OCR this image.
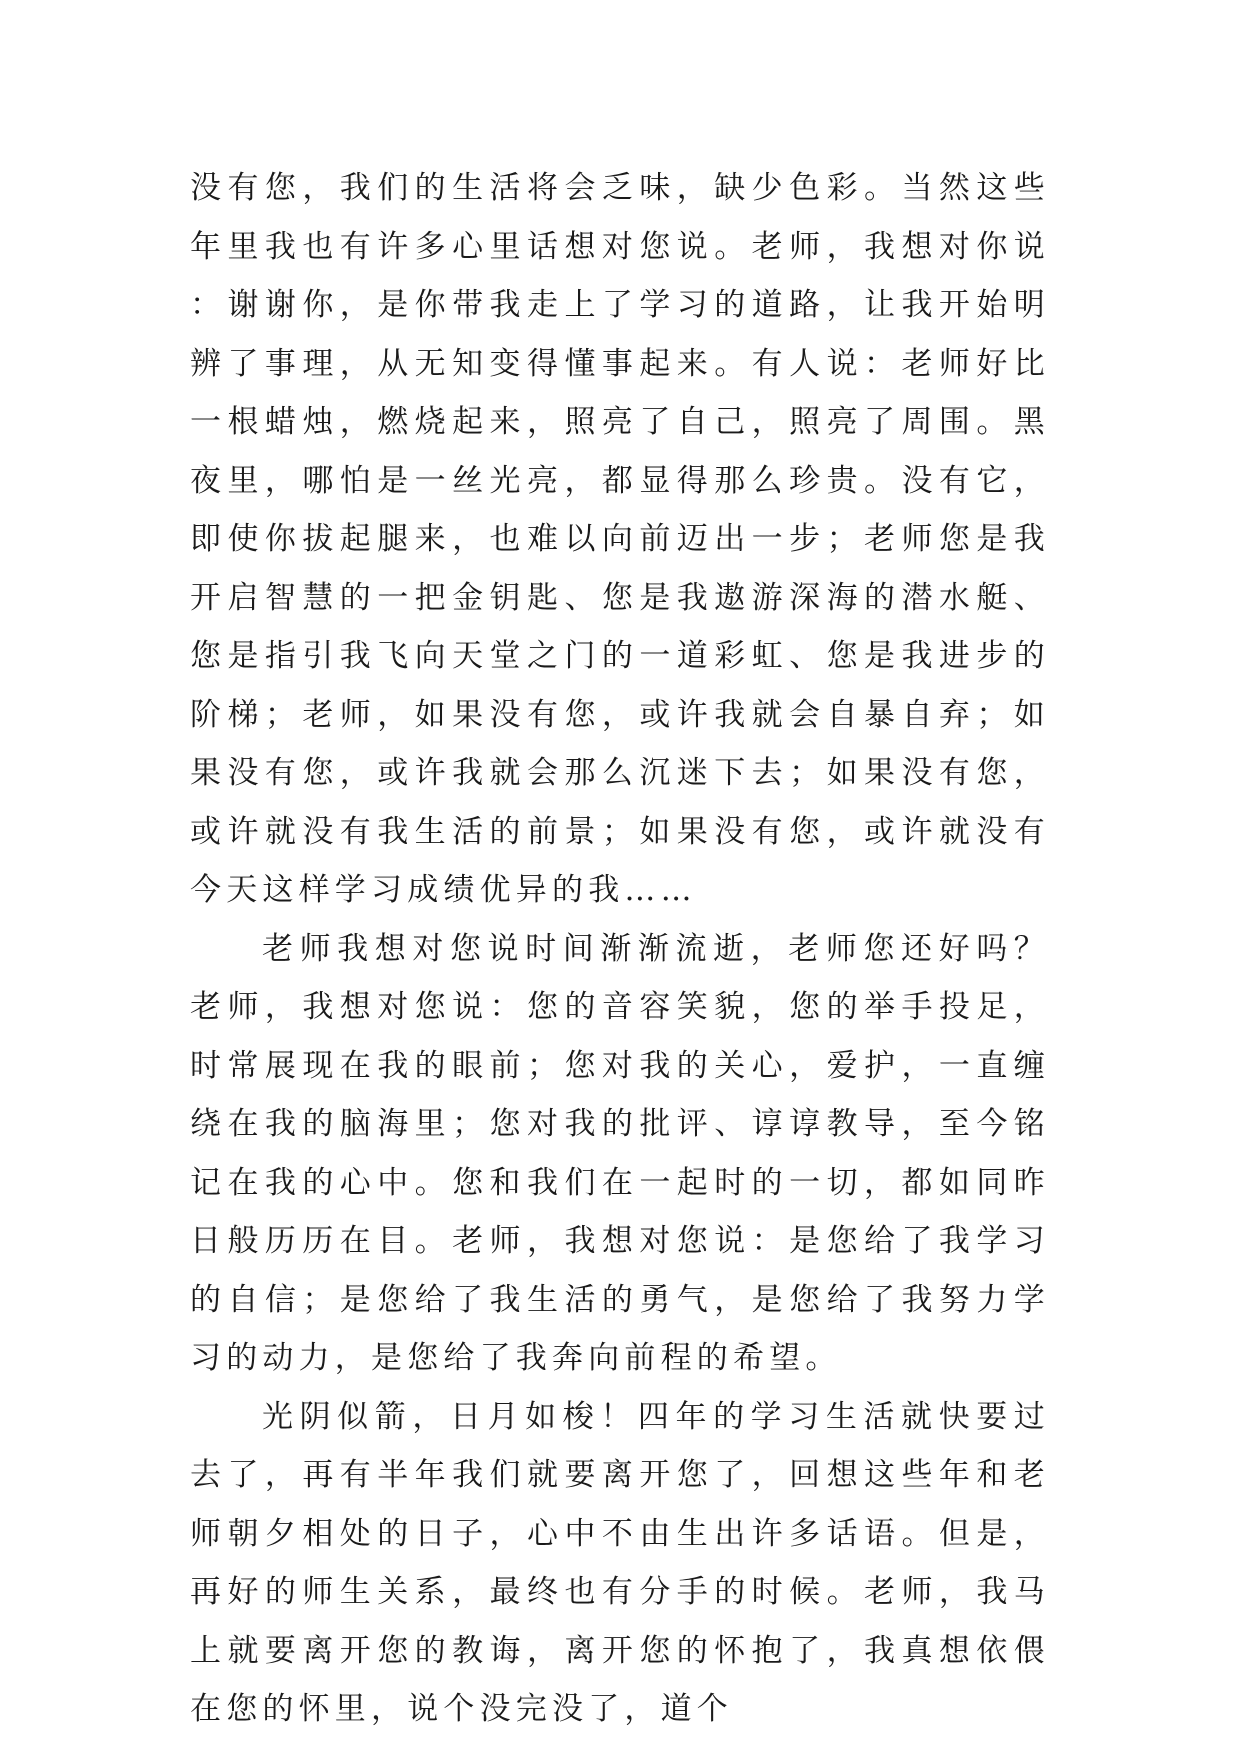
没有您，我们的生活将会乏味，缺少色彩。当然这些年里我也有许多心里话想对您说。老师，我想对你说：谢谢你，是你带我走上了学习的道路，让我开始明辨了事理，从无知变得懂事起来。有人说：老师好比一根蜡烛，燃烧起来，照亮了自己，照亮了周围。黑夜里，哪怕是一丝光亮，都显得那么珍贵。没有它，即使你拔起腿来，也难以向前迈出一步；老师您是我开启智慧的一把金钥匙、您是我遨游深海的潜水艇、您是指引我飞向天堂之门的一道彩虹、您是我进步的阶梯；老师，如果没有您，或许我就会自暴自弃；如果没有您，或许我就会那么沉迷下去；如果没有您，或许就没有我生活的前景；如果没有您，或许就没有今天这样学习成绩优异的我……

老师我想对您说时间渐渐流逝，老师您还好吗？老师，我想对您说：您的音容笑貌，您的举手投足，时常展现在我的眼前；您对我的关心，爱护，一直缠绕在我的脑海里；您对我的批评、谆谆教导，至今铭记在我的心中。您和我们在一起时的一切，都如同昨日般历历在目。老师，我想对您说：是您给了我学习的自信；是您给了我生活的勇气，是您给了我努力学习的动力，是您给了我奔向前程的希望。

光阴似箭，日月如梭！四年的学习生活就快要过去了，再有半年我们就要离开您了，回想这些年和老师朝夕相处的日子，心中不由生出许多话语。但是，再好的师生关系，最终也有分手的时候。老师，我马上就要离开您的教诲，离开您的怀抱了，我真想依偎在您的怀里，说个没完没了，道个
